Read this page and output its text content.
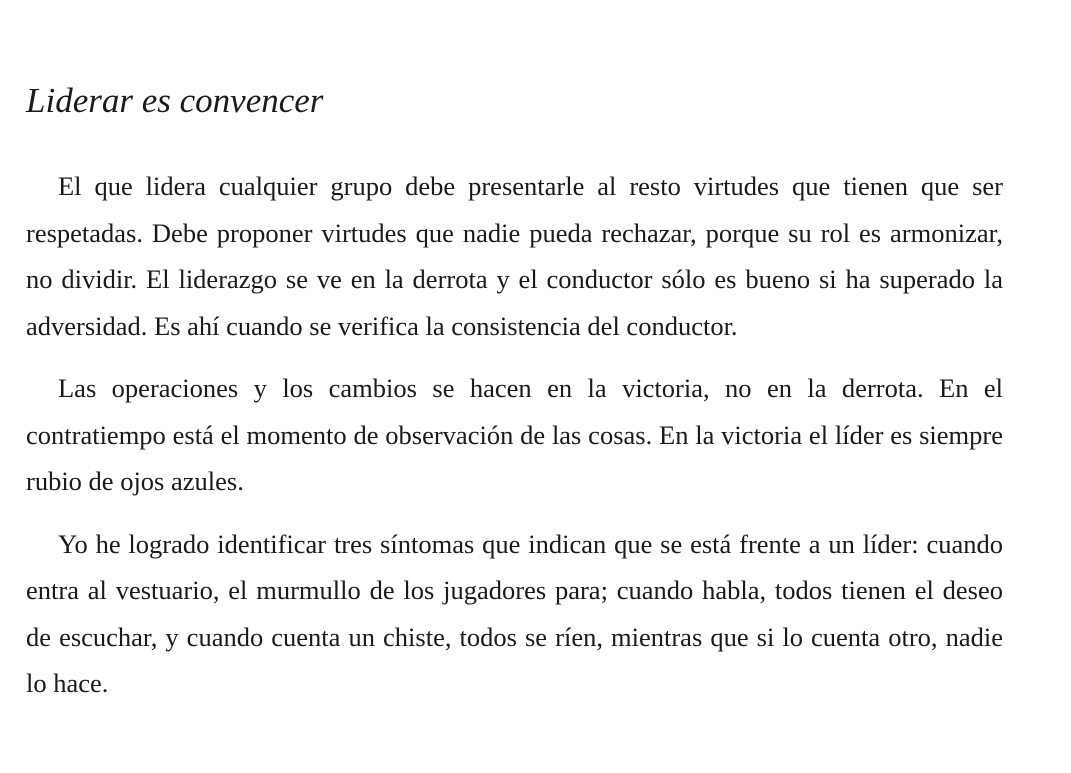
Liderar es convencer

El que lidera cualquier grupo debe presentarle al resto virtudes que tienen que ser respetadas. Debe proponer virtudes que nadie pueda rechazar, porque su rol es armonizar, no dividir. El liderazgo se ve en la derrota y el conductor sólo es bueno si ha superado la adversidad. Es ahí cuando se verifica la consistencia del conductor.

Las operaciones y los cambios se hacen en la victoria, no en la derrota. En el contratiempo está el momento de observación de las cosas. En la victoria el líder es siempre rubio de ojos azules.

Yo he logrado identificar tres síntomas que indican que se está frente a un líder: cuando entra al vestuario, el murmullo de los jugadores para; cuando habla, todos tienen el deseo de escuchar, y cuando cuenta un chiste, todos se ríen, mientras que si lo cuenta otro, nadie lo hace.
